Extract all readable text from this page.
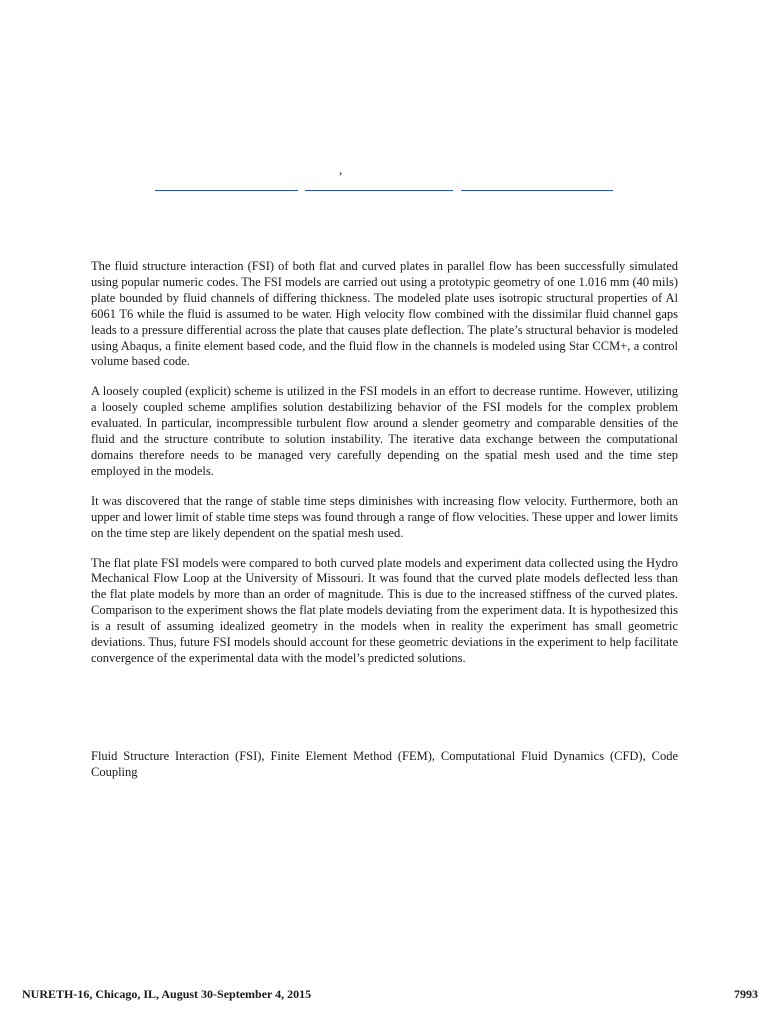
,

The fluid structure interaction (FSI) of both flat and curved plates in parallel flow has been successfully simulated using popular numeric codes. The FSI models are carried out using a prototypic geometry of one 1.016 mm (40 mils) plate bounded by fluid channels of differing thickness. The modeled plate uses isotropic structural properties of Al 6061 T6 while the fluid is assumed to be water. High velocity flow combined with the dissimilar fluid channel gaps leads to a pressure differential across the plate that causes plate deflection. The plate’s structural behavior is modeled using Abaqus, a finite element based code, and the fluid flow in the channels is modeled using Star CCM+, a control volume based code.

A loosely coupled (explicit) scheme is utilized in the FSI models in an effort to decrease runtime. However, utilizing a loosely coupled scheme amplifies solution destabilizing behavior of the FSI models for the complex problem evaluated. In particular, incompressible turbulent flow around a slender geometry and comparable densities of the fluid and the structure contribute to solution instability. The iterative data exchange between the computational domains therefore needs to be managed very carefully depending on the spatial mesh used and the time step employed in the models.

It was discovered that the range of stable time steps diminishes with increasing flow velocity. Furthermore, both an upper and lower limit of stable time steps was found through a range of flow velocities. These upper and lower limits on the time step are likely dependent on the spatial mesh used.

The flat plate FSI models were compared to both curved plate models and experiment data collected using the Hydro Mechanical Flow Loop at the University of Missouri. It was found that the curved plate models deflected less than the flat plate models by more than an order of magnitude. This is due to the increased stiffness of the curved plates. Comparison to the experiment shows the flat plate models deviating from the experiment data. It is hypothesized this is a result of assuming idealized geometry in the models when in reality the experiment has small geometric deviations. Thus, future FSI models should account for these geometric deviations in the experiment to help facilitate convergence of the experimental data with the model’s predicted solutions.

Fluid Structure Interaction (FSI), Finite Element Method (FEM), Computational Fluid Dynamics (CFD), Code Coupling
NURETH-16, Chicago, IL, August 30-September 4, 2015	7993
